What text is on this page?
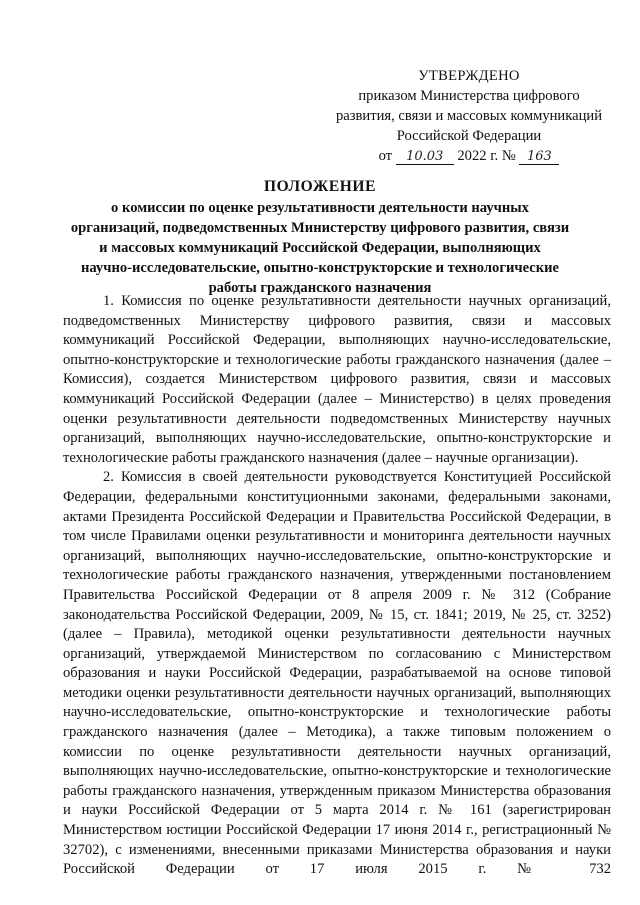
УТВЕРЖДЕНО
приказом Министерства цифрового
развития, связи и массовых коммуникаций
Российской Федерации
от 10.03 2022 г. № 163
ПОЛОЖЕНИЕ
о комиссии по оценке результативности деятельности научных
организаций, подведомственных Министерству цифрового развития, связи
и массовых коммуникаций Российской Федерации, выполняющих
научно-исследовательские, опытно-конструкторские и технологические
работы гражданского назначения

1. Комиссия по оценке результативности деятельности научных организаций, подведомственных Министерству цифрового развития, связи и массовых коммуникаций Российской Федерации, выполняющих научно-исследовательские, опытно-конструкторские и технологические работы гражданского назначения (далее – Комиссия), создается Министерством цифрового развития, связи и массовых коммуникаций Российской Федерации (далее – Министерство) в целях проведения оценки результативности деятельности подведомственных Министерству научных организаций, выполняющих научно-исследовательские, опытно-конструкторские и технологические работы гражданского назначения (далее – научные организации).

2. Комиссия в своей деятельности руководствуется Конституцией Российской Федерации, федеральными конституционными законами, федеральными законами, актами Президента Российской Федерации и Правительства Российской Федерации, в том числе Правилами оценки результативности и мониторинга деятельности научных организаций, выполняющих научно-исследовательские, опытно-конструкторские и технологические работы гражданского назначения, утвержденными постановлением Правительства Российской Федерации от 8 апреля 2009 г. № 312 (Собрание законодательства Российской Федерации, 2009, № 15, ст. 1841; 2019, № 25, ст. 3252) (далее – Правила), методикой оценки результативности деятельности научных организаций, утверждаемой Министерством по согласованию с Министерством образования и науки Российской Федерации, разрабатываемой на основе типовой методики оценки результативности деятельности научных организаций, выполняющих научно-исследовательские, опытно-конструкторские и технологические работы гражданского назначения (далее – Методика), а также типовым положением о комиссии по оценке результативности деятельности научных организаций, выполняющих научно-исследовательские, опытно-конструкторские и технологические работы гражданского назначения, утвержденным приказом Министерства образования и науки Российской Федерации от 5 марта 2014 г. № 161 (зарегистрирован Министерством юстиции Российской Федерации 17 июня 2014 г., регистрационный № 32702), с изменениями, внесенными приказами Министерства образования и науки Российской Федерации от 17 июля 2015 г. № 732
